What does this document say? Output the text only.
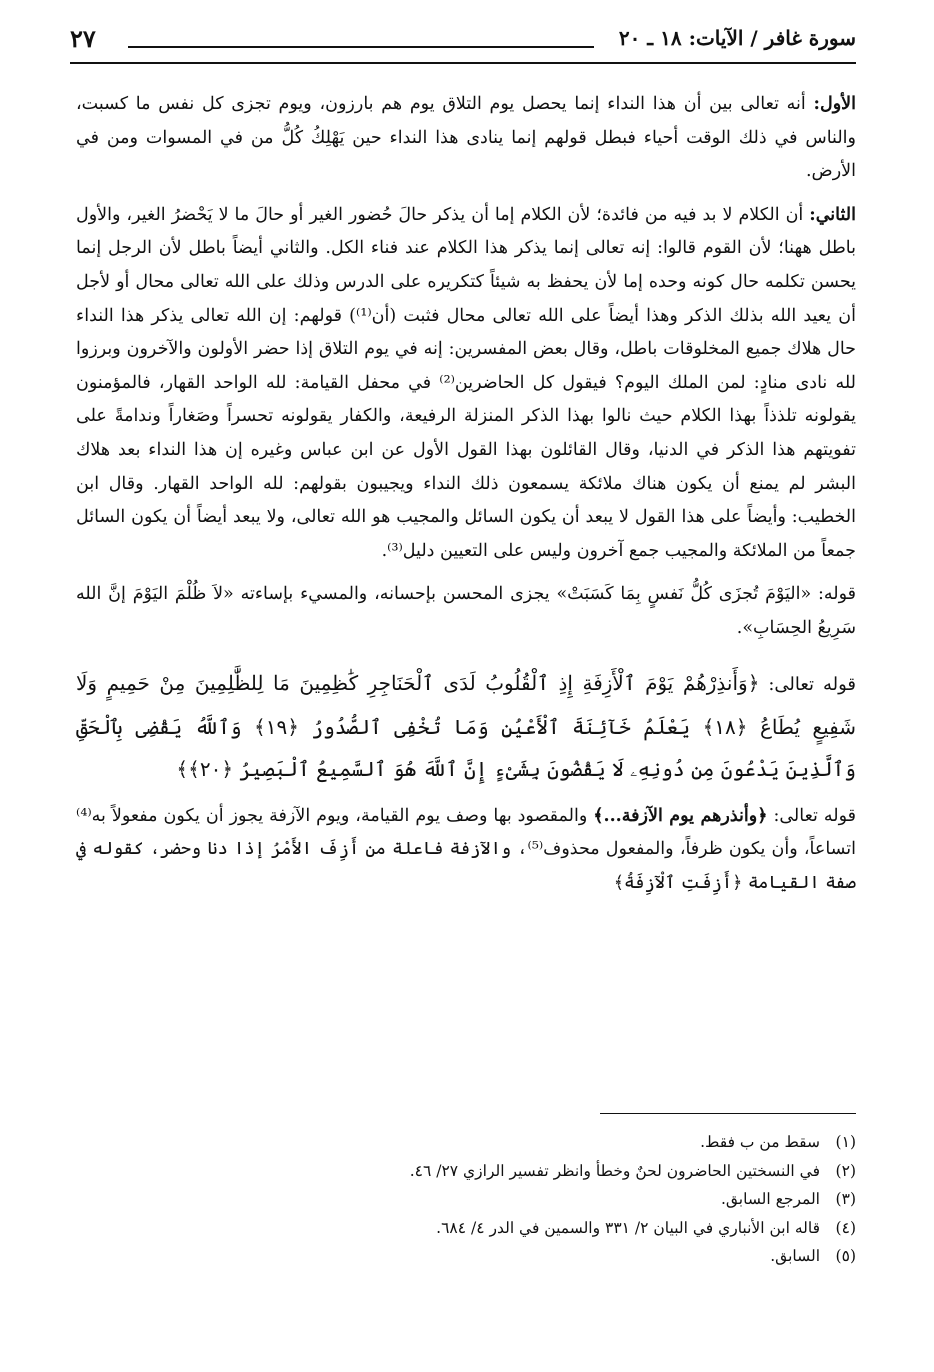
سورة غافر / الآيات: ١٨ ـ ٢٠
٢٧

الأول: أنه تعالى بين أن هذا النداء إنما يحصل يوم التلاق يوم هم بارزون، ويوم تجزى كل نفس ما كسبت، والناس في ذلك الوقت أحياء فبطل قولهم إنما ينادى هذا النداء حين يَهْلِكُ كُلُّ من في المسوات ومن في الأرض.

الثاني: أن الكلام لا بد فيه من فائدة؛ لأن الكلام إما أن يذكر حالَ حُضور الغير أو حالَ ما لا يَحْضرُ الغير، والأول باطل ههنا؛ لأن القوم قالوا: إنه تعالى إنما يذكر هذا الكلام عند فناء الكل. والثاني أيضاً باطل لأن الرجل إنما يحسن تكلمه حال كونه وحده إما لأن يحفظ به شيئاً كتكريره على الدرس وذلك على الله تعالى محال أو لأجل أن يعيد الله بذلك الذكر وهذا أيضاً على الله تعالى محال فثبت (أن⁽¹⁾) قولهم: إن الله تعالى يذكر هذا النداء حال هلاك جميع المخلوقات باطل، وقال بعض المفسرين: إنه في يوم التلاق إذا حضر الأولون والآخرون وبرزوا لله نادى منادٍ: لمن الملك اليوم؟ فيقول كل الحاضرين⁽²⁾ في محفل القيامة: لله الواحد القهار، فالمؤمنون يقولونه تلذذاً بهذا الكلام حيث نالوا بهذا الذكر المنزلة الرفيعة، والكفار يقولونه تحسراً وصَغاراً وندامةً على تفويتهم هذا الذكر في الدنيا، وقال القائلون بهذا القول الأول عن ابن عباس وغيره إن هذا النداء بعد هلاك البشر لم يمنع أن يكون هناك ملائكة يسمعون ذلك النداء ويجيبون بقولهم: لله الواحد القهار. وقال ابن الخطيب: وأيضاً على هذا القول لا يبعد أن يكون السائل والمجيب هو الله تعالى، ولا يبعد أيضاً أن يكون السائل جمعاً من الملائكة والمجيب جمع آخرون وليس على التعيين دليل⁽³⁾.

قوله: «اليَوْمَ تُجزَى كُلُّ نَفسٍ بِمَا كَسَبَتْ» يجزى المحسن بإحسانه، والمسيء بإساءته «لاَ ظُلْمَ اليَوْمَ إنَّ الله سَرِيعُ الحِسَابِ».

قوله تعالى: ﴿وَأَنذِرْهُمْ يَوْمَ ٱلْأَزِفَةِ إِذِ ٱلْقُلُوبُ لَدَى ٱلْحَنَاجِرِ كَٰظِمِينَ مَا لِلظَّٰلِمِينَ مِنْ حَمِيمٍ وَلَا شَفِيعٍ يُطَاعُ ﴿١٨﴾ يَعْلَمُ خَآئِنَةَ ٱلْأَعْيُنِ وَمَا تُخْفِى ٱلصُّدُورُ ﴿١٩﴾ وَٱللَّهُ يَقْضِى بِٱلْحَقِّ وَٱلَّذِينَ يَدْعُونَ مِن دُونِهِۦ لَا يَقْضُونَ بِشَىْءٍ إِنَّ ٱللَّهَ هُوَ ٱلسَّمِيعُ ٱلْبَصِيرُ ﴿٢٠﴾﴾

قوله تعالى: ﴿وأنذرهم يوم الآزفة...﴾ والمقصود بها وصف يوم القيامة، ويوم الآزفة يجوز أن يكون مفعولاً به⁽⁴⁾ اتساعاً، وأن يكون ظرفاً، والمفعول محذوف⁽⁵⁾، والآزفة فاعلة من أَزِفَ الأَمْرُ إذا دنا وحضر، كقوله في صفة القيامة ﴿أَزِفَتِ ٱلْآزِفَةُ﴾

(١)سقط من ب فقط.
(٢)في النسختين الحاضرون لحنٌ وخطأ وانظر تفسير الرازي ٢٧/ ٤٦.
(٣)المرجع السابق.
(٤)قاله ابن الأنباري في البيان ٢/ ٣٣١ والسمين في الدر ٤/ ٦٨٤.
(٥)السابق.
